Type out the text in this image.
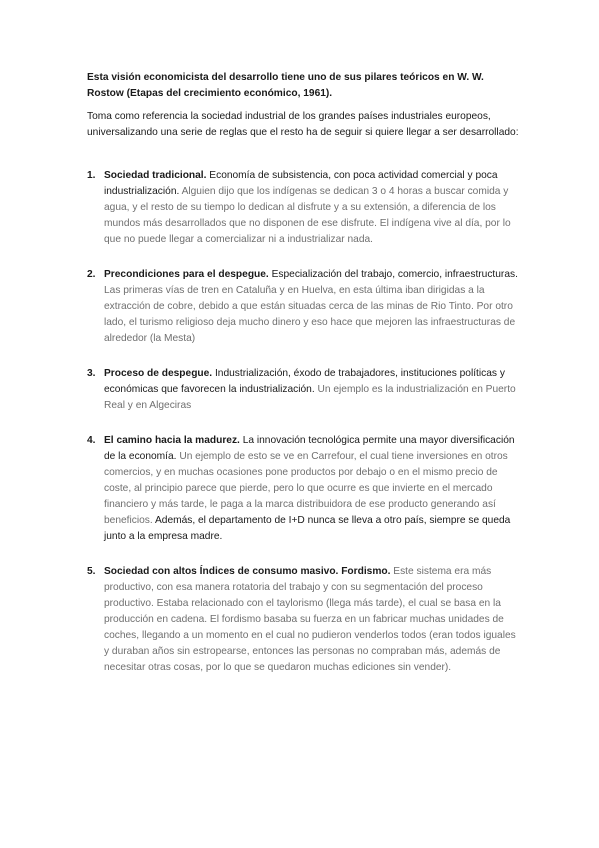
Esta visión economicista del desarrollo tiene uno de sus pilares teóricos en W. W. Rostow (Etapas del crecimiento económico, 1961).

Toma como referencia la sociedad industrial de los grandes países industriales europeos, universalizando una serie de reglas que el resto ha de seguir si quiere llegar a ser desarrollado:

1. Sociedad tradicional. Economía de subsistencia, con poca actividad comercial y poca industrialización. Alguien dijo que los indígenas se dedican 3 o 4 horas a buscar comida y agua, y el resto de su tiempo lo dedican al disfrute y a su extensión, a diferencia de los mundos más desarrollados que no disponen de ese disfrute. El indígena vive al día, por lo que no puede llegar a comercializar ni a industrializar nada.
2. Precondiciones para el despegue. Especialización del trabajo, comercio, infraestructuras. Las primeras vías de tren en Cataluña y en Huelva, en esta última iban dirigidas a la extracción de cobre, debido a que están situadas cerca de las minas de Rio Tinto. Por otro lado, el turismo religioso deja mucho dinero y eso hace que mejoren las infraestructuras de alrededor (la Mesta)
3. Proceso de despegue. Industrialización, éxodo de trabajadores, instituciones políticas y económicas que favorecen la industrialización. Un ejemplo es la industrialización en Puerto Real y en Algeciras
4. El camino hacia la madurez. La innovación tecnológica permite una mayor diversificación de la economía. Un ejemplo de esto se ve en Carrefour, el cual tiene inversiones en otros comercios, y en muchas ocasiones pone productos por debajo o en el mismo precio de coste, al principio parece que pierde, pero lo que ocurre es que invierte en el mercado financiero y más tarde, le paga a la marca distribuidora de ese producto generando así beneficios. Además, el departamento de I+D nunca se lleva a otro país, siempre se queda junto a la empresa madre.
5. Sociedad con altos Índices de consumo masivo. Fordismo. Este sistema era más productivo, con esa manera rotatoria del trabajo y con su segmentación del proceso productivo. Estaba relacionado con el taylorismo (llega más tarde), el cual se basa en la producción en cadena. El fordismo basaba su fuerza en un fabricar muchas unidades de coches, llegando a un momento en el cual no pudieron venderlos todos (eran todos iguales y duraban años sin estropearse, entonces las personas no compraban más, además de necesitar otras cosas, por lo que se quedaron muchas ediciones sin vender).
